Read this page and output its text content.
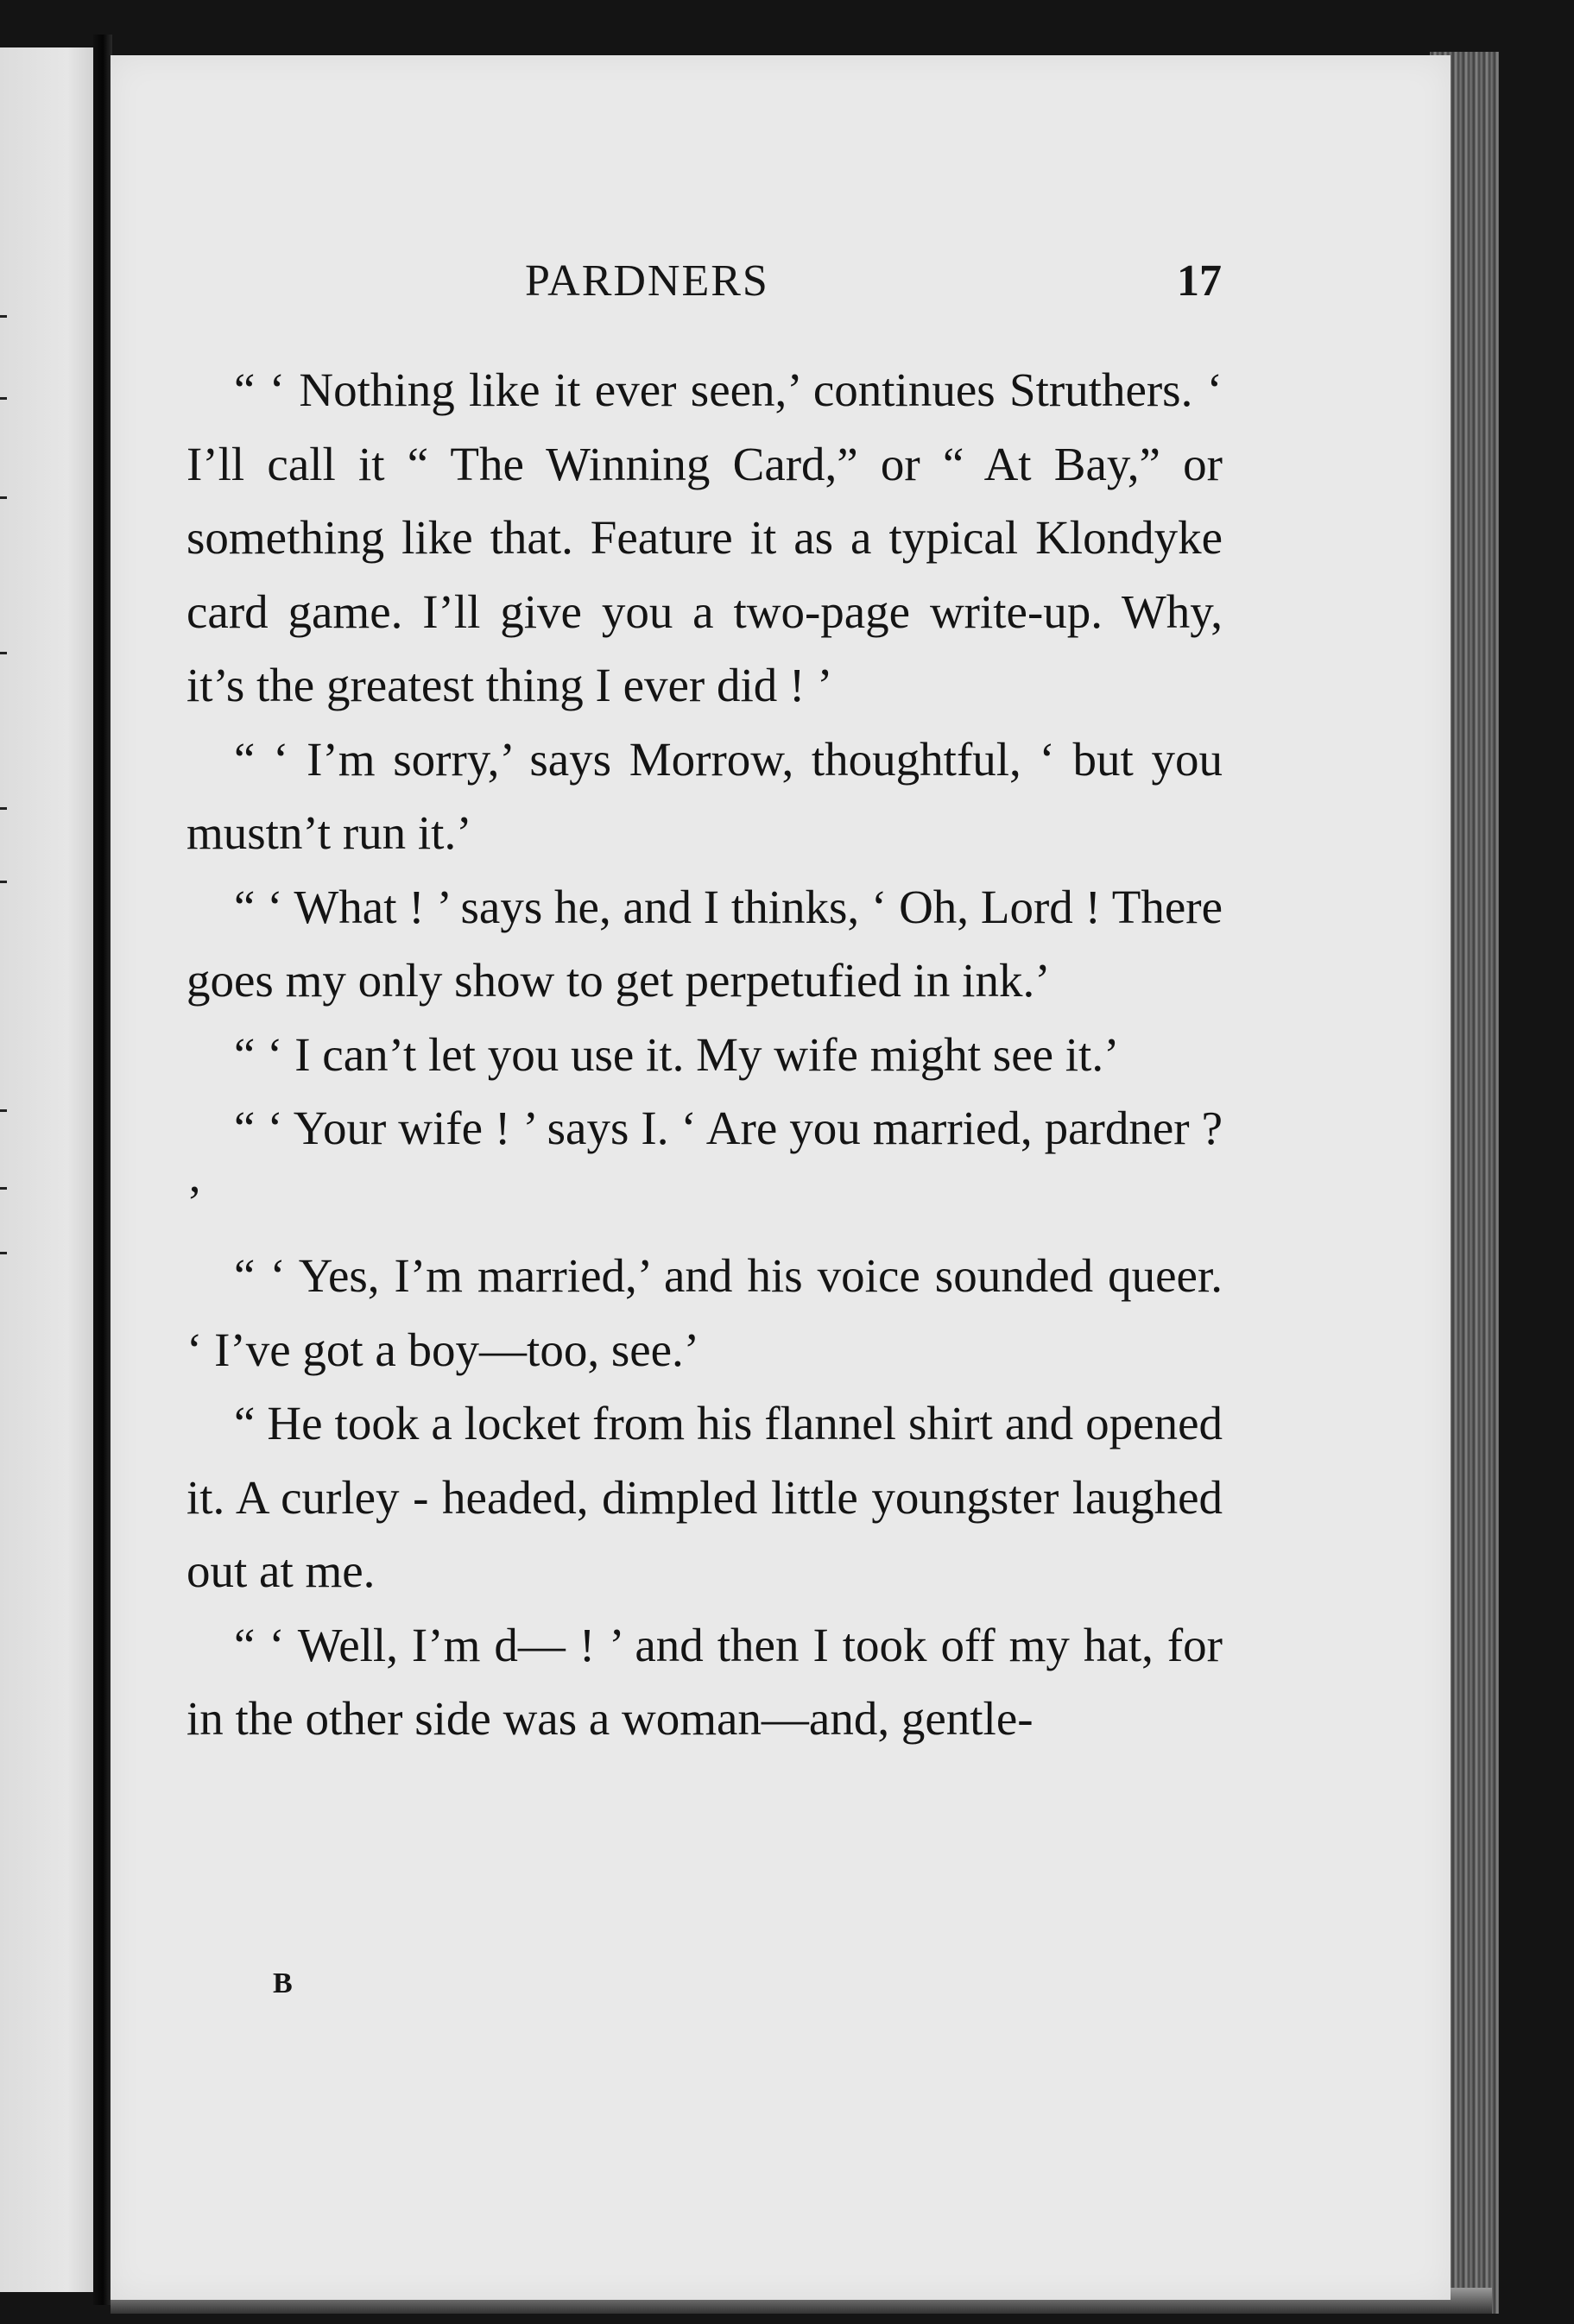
PARDNERS	17

“ ‘ Nothing like it ever seen,’ continues Struthers. ‘ I’ll call it “ The Winning Card,” or “ At Bay,” or something like that. Feature it as a typical Klondyke card game. I’ll give you a two-page write-up. Why, it’s the greatest thing I ever did ! ’

“ ‘ I’m sorry,’ says Morrow, thoughtful, ‘ but you mustn’t run it.’

“ ‘ What ! ’ says he, and I thinks, ‘ Oh, Lord ! There goes my only show to get perpetufied in ink.’

“ ‘ I can’t let you use it. My wife might see it.’

“ ‘ Your wife ! ’ says I. ‘ Are you married, pardner ? ’

“ ‘ Yes, I’m married,’ and his voice sounded queer. ‘ I’ve got a boy—too, see.’

“ He took a locket from his flannel shirt and opened it. A curley - headed, dimpled little youngster laughed out at me.

“ ‘ Well, I’m d— ! ’ and then I took off my hat, for in the other side was a woman—and, gentle-

B
